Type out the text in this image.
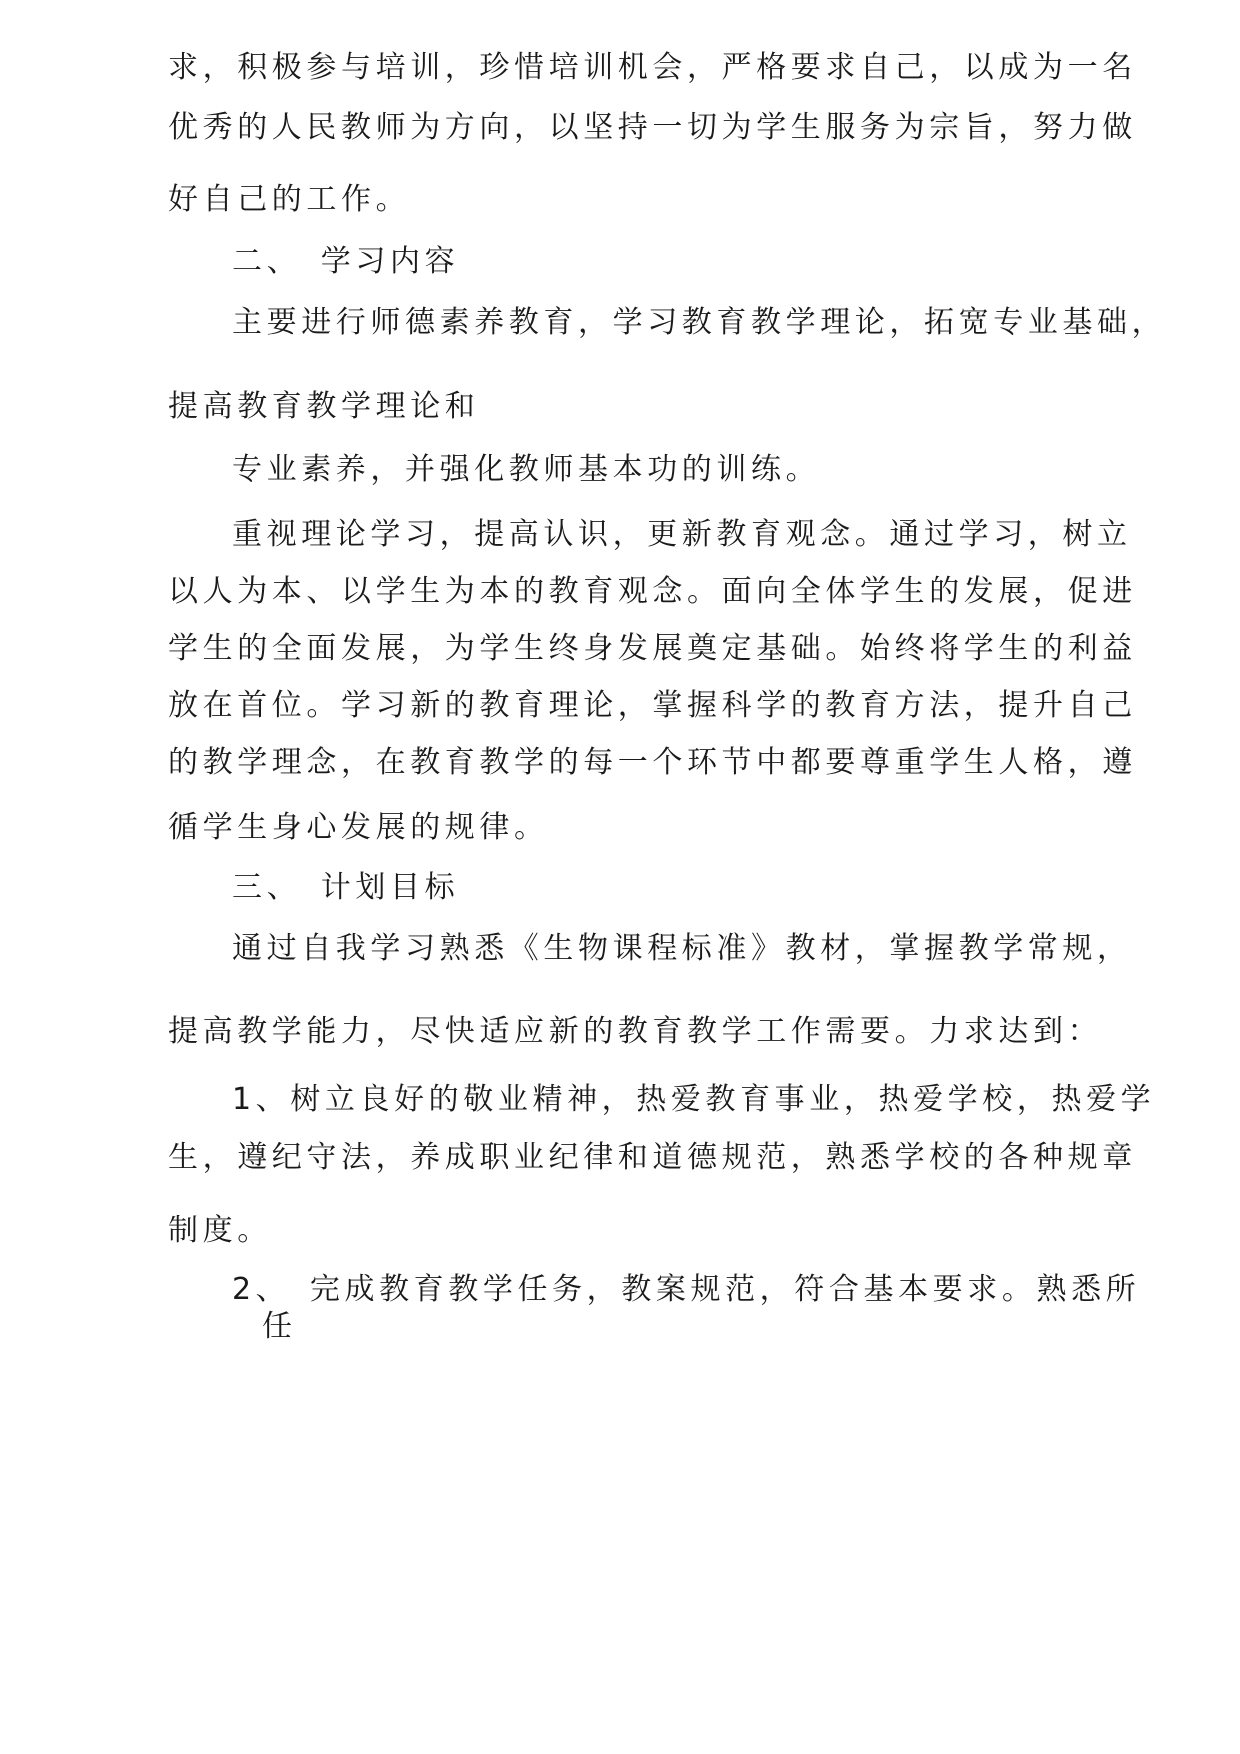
求，积极参与培训，珍惜培训机会，严格要求自己，以成为一名

优秀的人民教师为方向，以坚持一切为学生服务为宗旨，努力做

好自己的工作。

二、　学习内容

主要进行师德素养教育，学习教育教学理论，拓宽专业基础，

提高教育教学理论和

专业素养，并强化教师基本功的训练。

重视理论学习，提高认识，更新教育观念。通过学习，树立

以人为本、以学生为本的教育观念。面向全体学生的发展，促进

学生的全面发展，为学生终身发展奠定基础。始终将学生的利益

放在首位。学习新的教育理论，掌握科学的教育方法，提升自己

的教学理念，在教育教学的每一个环节中都要尊重学生人格，遵

循学生身心发展的规律。

三、　计划目标

通过自我学习熟悉《生物课程标准》教材，掌握教学常规，

提高教学能力，尽快适应新的教育教学工作需要。力求达到：

1、树立良好的敬业精神，热爱教育事业，热爱学校，热爱学

生，遵纪守法，养成职业纪律和道德规范，熟悉学校的各种规章

制度。

2、　完成教育教学任务，教案规范，符合基本要求。熟悉所

任
